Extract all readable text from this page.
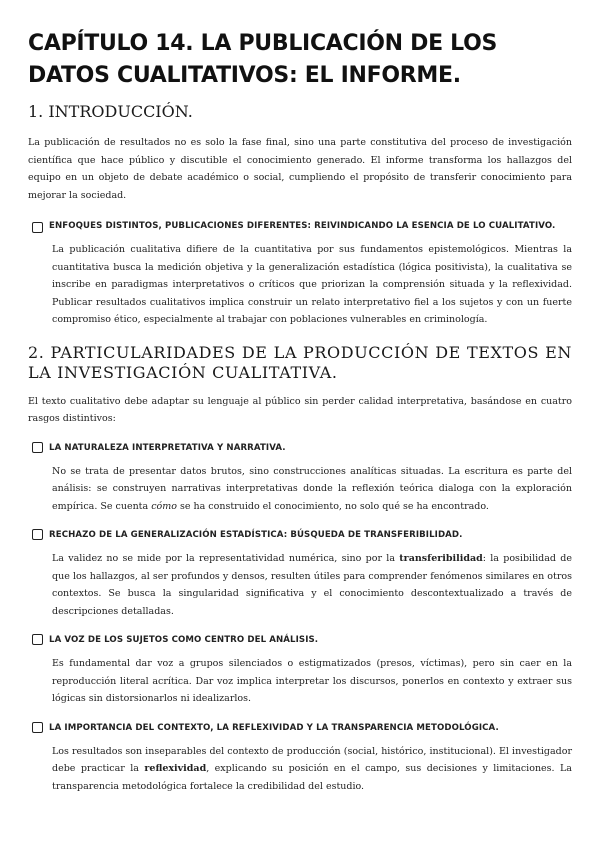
CAPÍTULO 14. LA PUBLICACIÓN DE LOS DATOS CUALITATIVOS: EL INFORME.
1. INTRODUCCIÓN.

La publicación de resultados no es solo la fase final, sino una parte constitutiva del proceso de investigación científica que hace público y discutible el conocimiento generado. El informe transforma los hallazgos del equipo en un objeto de debate académico o social, cumpliendo el propósito de transferir conocimiento para mejorar la sociedad.

ENFOQUES DISTINTOS, PUBLICACIONES DIFERENTES: REIVINDICANDO LA ESENCIA DE LO CUALITATIVO.

La publicación cualitativa difiere de la cuantitativa por sus fundamentos epistemológicos. Mientras la cuantitativa busca la medición objetiva y la generalización estadística (lógica positivista), la cualitativa se inscribe en paradigmas interpretativos o críticos que priorizan la comprensión situada y la reflexividad. Publicar resultados cualitativos implica construir un relato interpretativo fiel a los sujetos y con un fuerte compromiso ético, especialmente al trabajar con poblaciones vulnerables en criminología.

2. PARTICULARIDADES DE LA PRODUCCIÓN DE TEXTOS EN LA INVESTIGACIÓN CUALITATIVA.

El texto cualitativo debe adaptar su lenguaje al público sin perder calidad interpretativa, basándose en cuatro rasgos distintivos:

LA NATURALEZA INTERPRETATIVA Y NARRATIVA.

No se trata de presentar datos brutos, sino construcciones analíticas situadas. La escritura es parte del análisis: se construyen narrativas interpretativas donde la reflexión teórica dialoga con la exploración empírica. Se cuenta cómo se ha construido el conocimiento, no solo qué se ha encontrado.

RECHAZO DE LA GENERALIZACIÓN ESTADÍSTICA: BÚSQUEDA DE TRANSFERIBILIDAD.

La validez no se mide por la representatividad numérica, sino por la transferibilidad: la posibilidad de que los hallazgos, al ser profundos y densos, resulten útiles para comprender fenómenos similares en otros contextos. Se busca la singularidad significativa y el conocimiento descontextualizado a través de descripciones detalladas.

LA VOZ DE LOS SUJETOS COMO CENTRO DEL ANÁLISIS.

Es fundamental dar voz a grupos silenciados o estigmatizados (presos, víctimas), pero sin caer en la reproducción literal acrítica. Dar voz implica interpretar los discursos, ponerlos en contexto y extraer sus lógicas sin distorsionarlos ni idealizarlos.

LA IMPORTANCIA DEL CONTEXTO, LA REFLEXIVIDAD Y LA TRANSPARENCIA METODOLÓGICA.

Los resultados son inseparables del contexto de producción (social, histórico, institucional). El investigador debe practicar la reflexividad, explicando su posición en el campo, sus decisiones y limitaciones. La transparencia metodológica fortalece la credibilidad del estudio.
